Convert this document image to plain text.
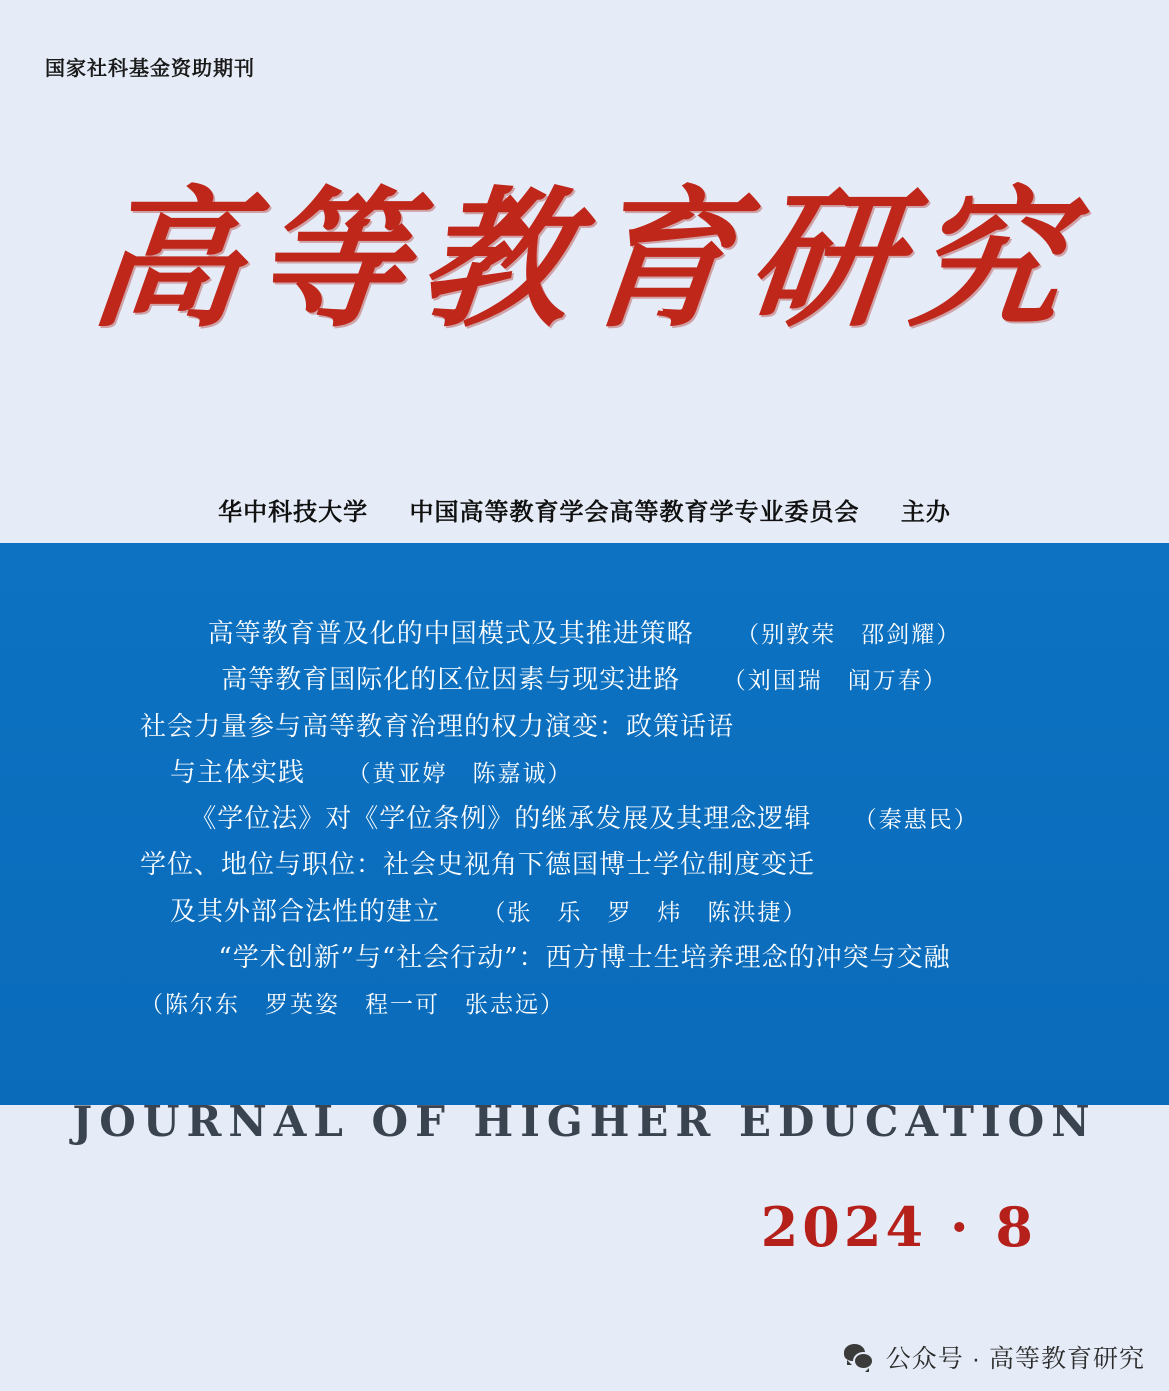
国家社科基金资助期刊
高等教育研究
华中科技大学 中国高等教育学会高等教育学专业委员会 主办
高等教育普及化的中国模式及其推进策略 （别敦荣　邵剑耀）
高等教育国际化的区位因素与现实进路 （刘国瑞　闻万春）
社会力量参与高等教育治理的权力演变：政策话语
与主体实践 （黄亚婷　陈嘉诚）
《学位法》对《学位条例》的继承发展及其理念逻辑 （秦惠民）
学位、地位与职位：社会史视角下德国博士学位制度变迁
及其外部合法性的建立 （张　乐　罗　炜　陈洪捷）
“学术创新”与“社会行动”：西方博士生培养理念的冲突与交融
（陈尔东　罗英姿　程一可　张志远）
JOURNAL OF HIGHER EDUCATION
2024 · 8
公众号 · 高等教育研究
